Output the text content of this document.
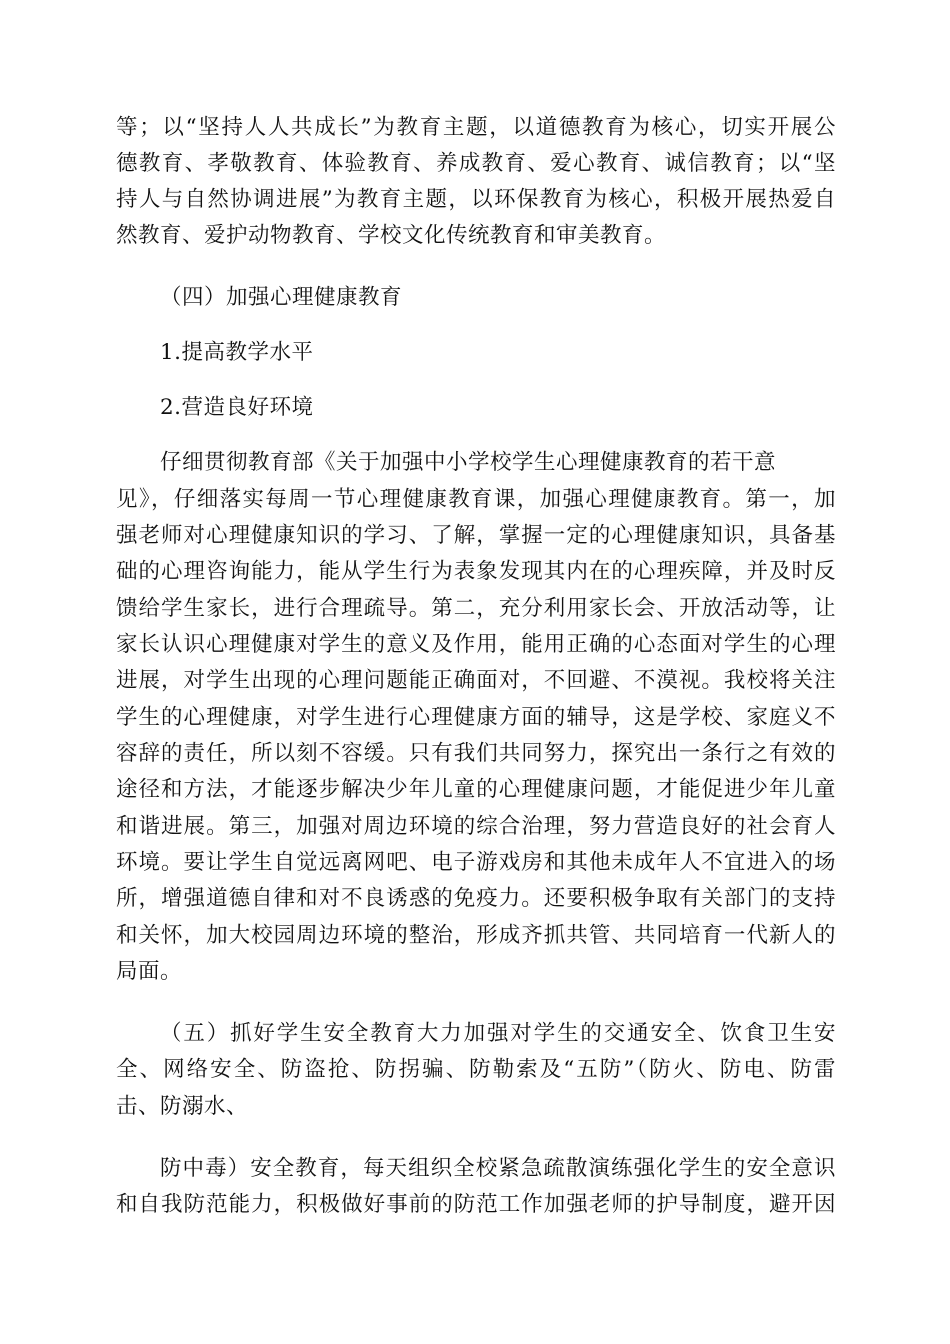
等；以“坚持人人共成长”为教育主题，以道德教育为核心，切实开展公
德教育、孝敬教育、体验教育、养成教育、爱心教育、诚信教育；以“坚
持人与自然协调进展”为教育主题，以环保教育为核心，积极开展热爱自
然教育、爱护动物教育、学校文化传统教育和审美教育。
（四）加强心理健康教育
1.提高教学水平
2.营造良好环境
仔细贯彻教育部《关于加强中小学校学生心理健康教育的若干意
见》，仔细落实每周一节心理健康教育课，加强心理健康教育。第一，加
强老师对心理健康知识的学习、了解，掌握一定的心理健康知识，具备基
础的心理咨询能力，能从学生行为表象发现其内在的心理疾障，并及时反
馈给学生家长，进行合理疏导。第二，充分利用家长会、开放活动等，让
家长认识心理健康对学生的意义及作用，能用正确的心态面对学生的心理
进展，对学生出现的心理问题能正确面对，不回避、不漠视。我校将关注
学生的心理健康，对学生进行心理健康方面的辅导，这是学校、家庭义不
容辞的责任，所以刻不容缓。只有我们共同努力，探究出一条行之有效的
途径和方法，才能逐步解决少年儿童的心理健康问题，才能促进少年儿童
和谐进展。第三，加强对周边环境的综合治理，努力营造良好的社会育人
环境。要让学生自觉远离网吧、电子游戏房和其他未成年人不宜进入的场
所，增强道德自律和对不良诱惑的免疫力。还要积极争取有关部门的支持
和关怀，加大校园周边环境的整治，形成齐抓共管、共同培育一代新人的
局面。
（五）抓好学生安全教育大力加强对学生的交通安全、饮食卫生安
全、网络安全、防盗抢、防拐骗、防勒索及“五防”（防火、防电、防雷
击、防溺水、
防中毒）安全教育，每天组织全校紧急疏散演练强化学生的安全意识
和自我防范能力，积极做好事前的防范工作加强老师的护导制度，避开因
